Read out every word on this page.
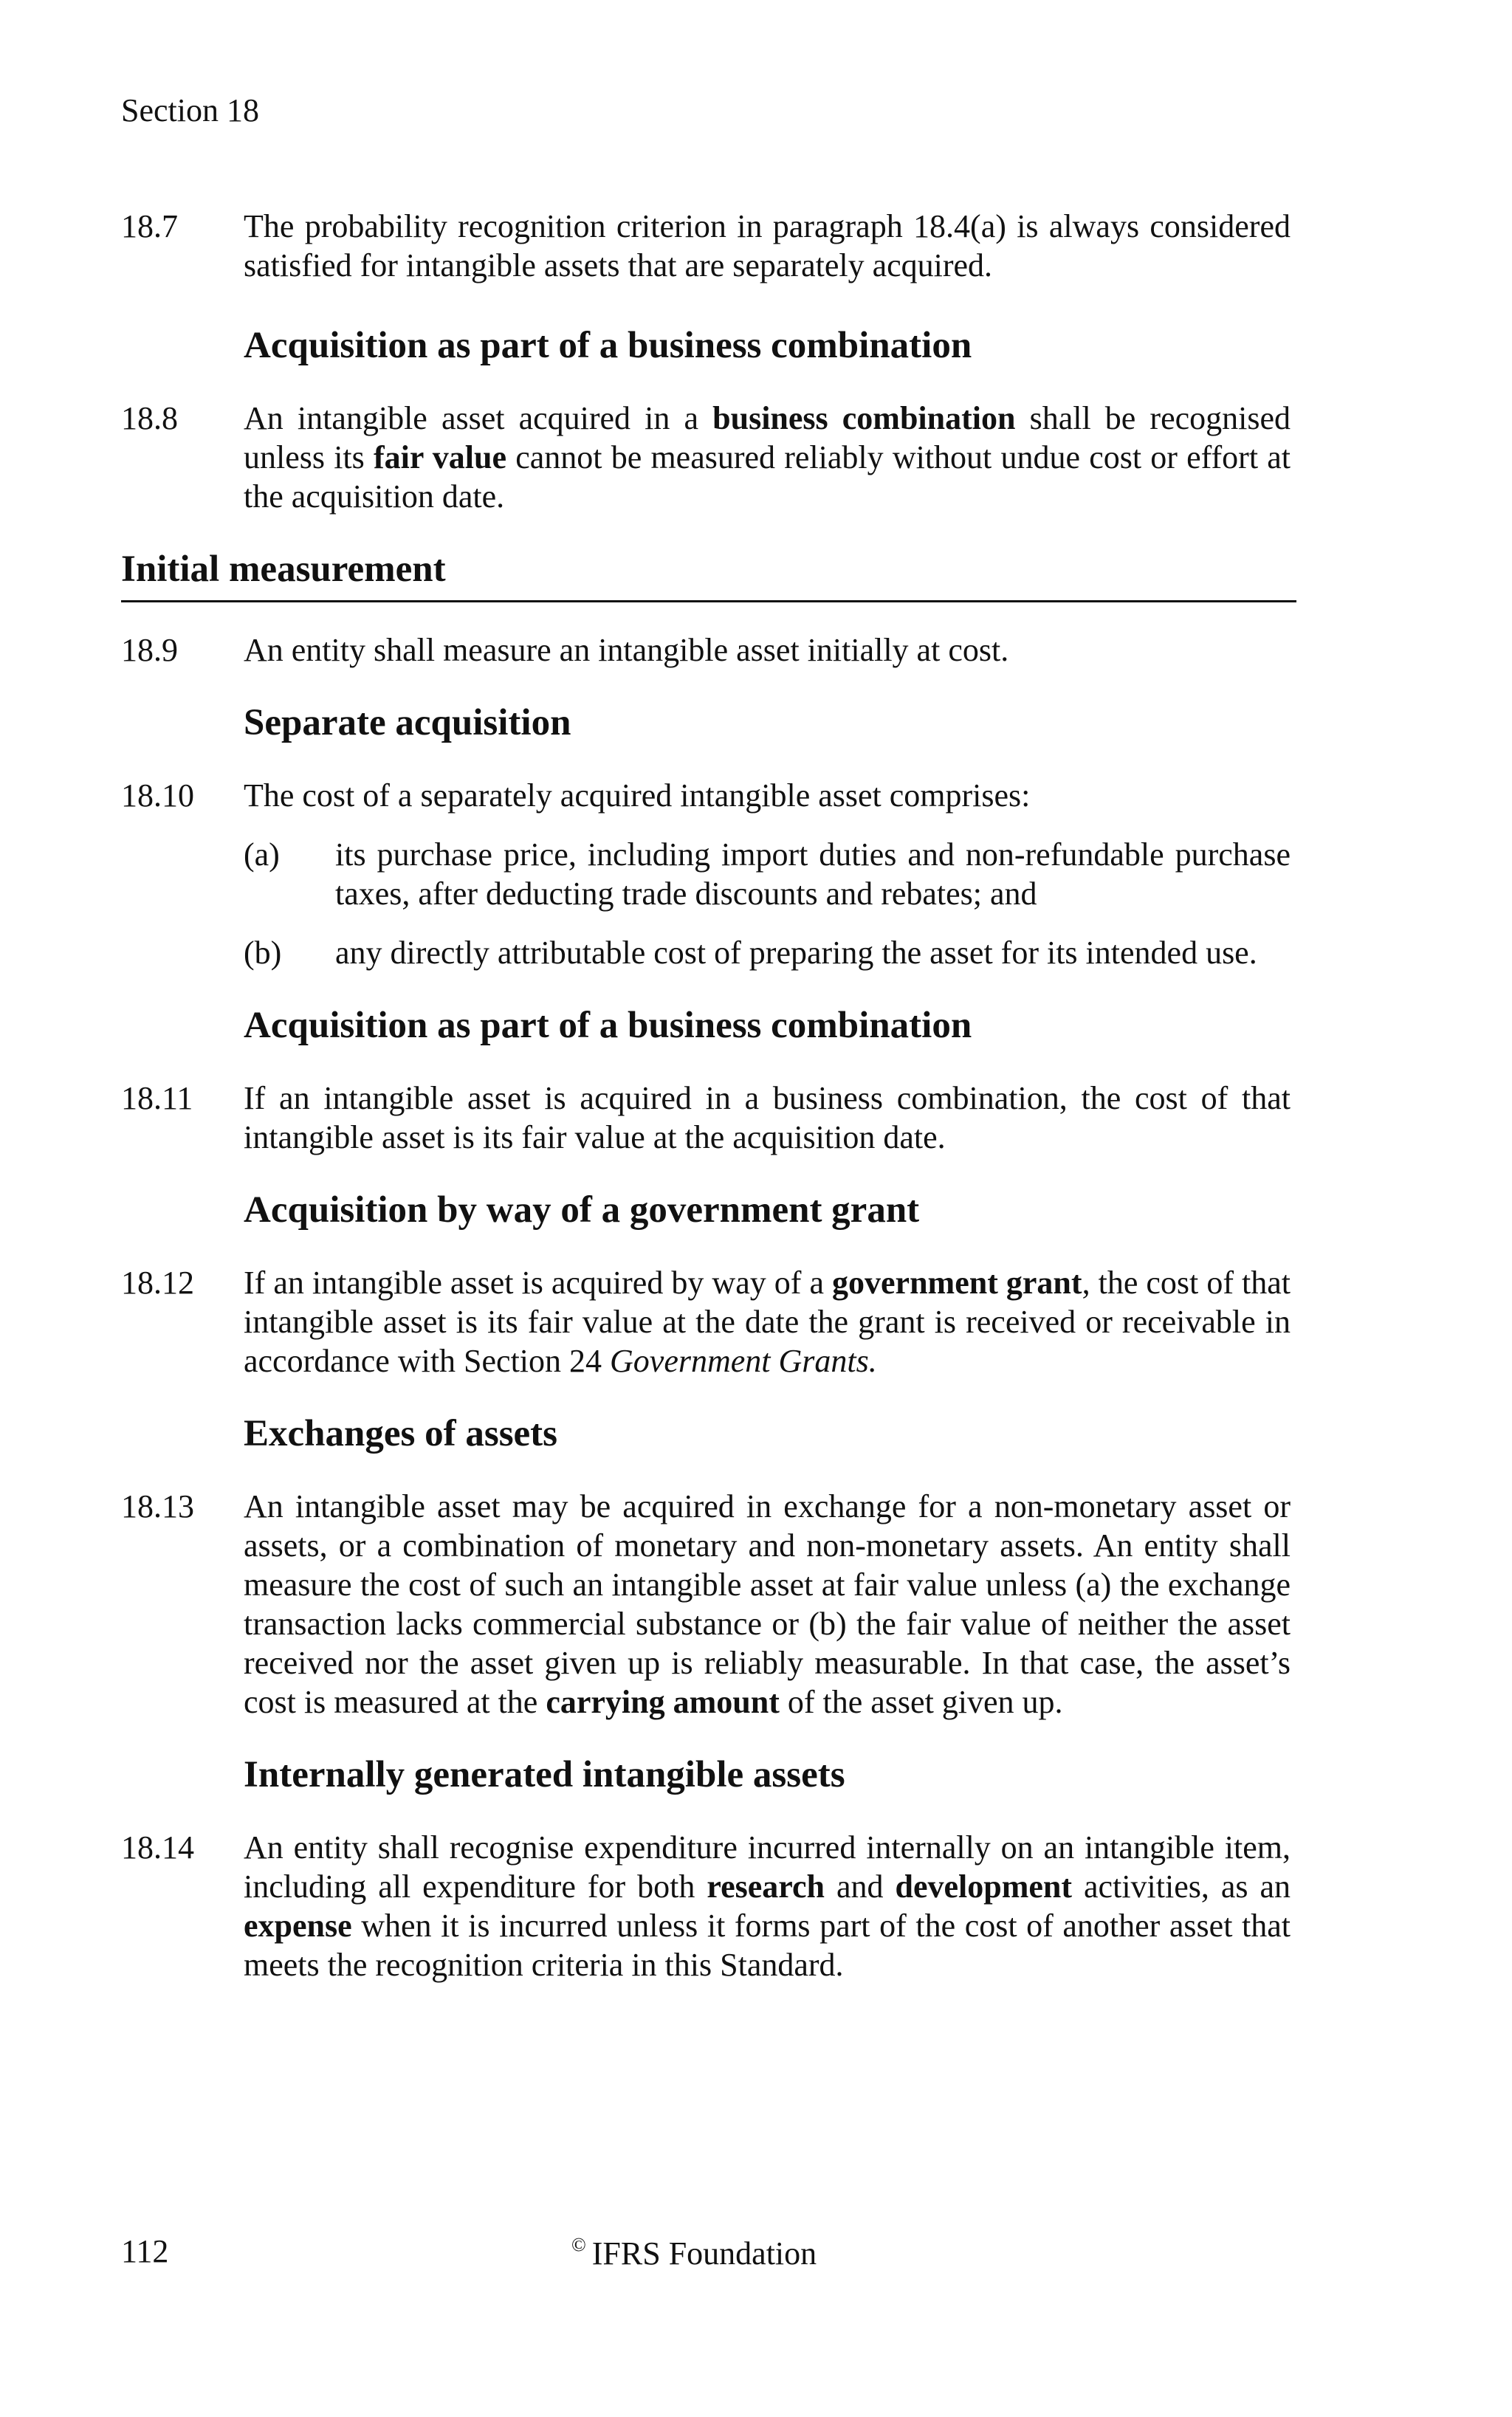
Section 18
18.7	The probability recognition criterion in paragraph 18.4(a) is always considered satisfied for intangible assets that are separately acquired.
Acquisition as part of a business combination
18.8	An intangible asset acquired in a business combination shall be recognised unless its fair value cannot be measured reliably without undue cost or effort at the acquisition date.
Initial measurement
18.9	An entity shall measure an intangible asset initially at cost.
Separate acquisition
18.10	The cost of a separately acquired intangible asset comprises:
(a)	its purchase price, including import duties and non-refundable purchase taxes, after deducting trade discounts and rebates; and
(b)	any directly attributable cost of preparing the asset for its intended use.
Acquisition as part of a business combination
18.11	If an intangible asset is acquired in a business combination, the cost of that intangible asset is its fair value at the acquisition date.
Acquisition by way of a government grant
18.12	If an intangible asset is acquired by way of a government grant, the cost of that intangible asset is its fair value at the date the grant is received or receivable in accordance with Section 24 Government Grants.
Exchanges of assets
18.13	An intangible asset may be acquired in exchange for a non-monetary asset or assets, or a combination of monetary and non-monetary assets. An entity shall measure the cost of such an intangible asset at fair value unless (a) the exchange transaction lacks commercial substance or (b) the fair value of neither the asset received nor the asset given up is reliably measurable. In that case, the asset’s cost is measured at the carrying amount of the asset given up.
Internally generated intangible assets
18.14	An entity shall recognise expenditure incurred internally on an intangible item, including all expenditure for both research and development activities, as an expense when it is incurred unless it forms part of the cost of another asset that meets the recognition criteria in this Standard.
112	© IFRS Foundation
